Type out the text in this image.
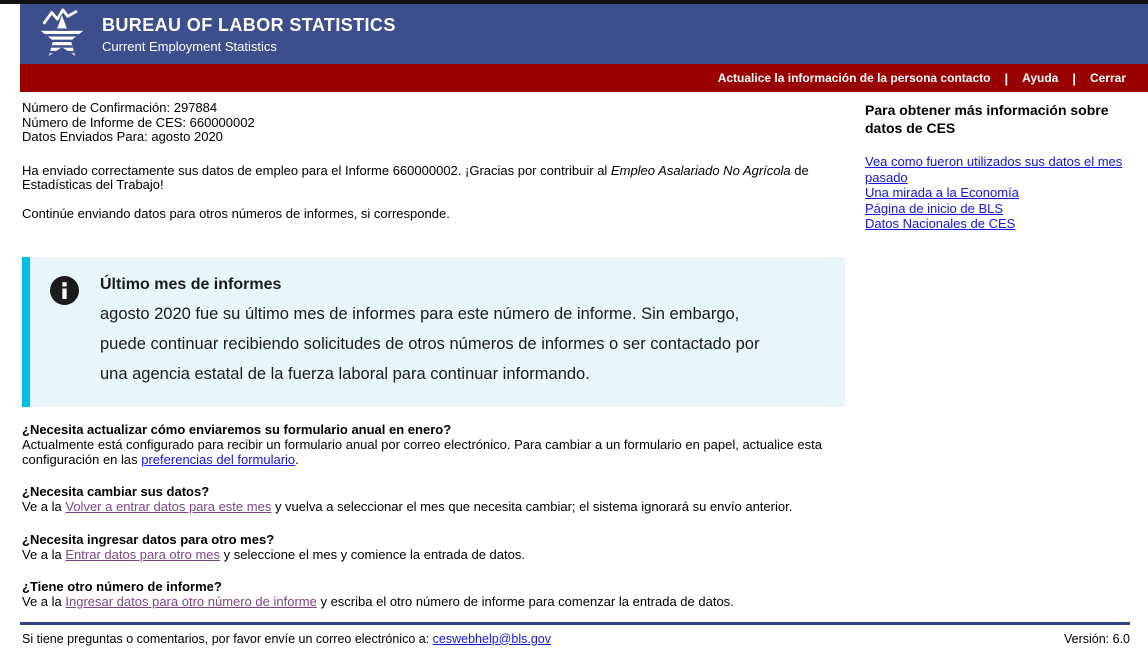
BUREAU OF LABOR STATISTICS
Current Employment Statistics
Actualice la información de la persona contacto | Ayuda | Cerrar
Número de Confirmación: 297884
Número de Informe de CES: 660000002
Datos Enviados Para: agosto 2020

Ha enviado correctamente sus datos de empleo para el Informe 660000002. ¡Gracias por contribuir al Empleo Asalariado No Agrícola de Estadísticas del Trabajo!

Continúe enviando datos para otros números de informes, si corresponde.

Último mes de informes
agosto 2020 fue su último mes de informes para este número de informe. Sin embargo, puede continuar recibiendo solicitudes de otros números de informes o ser contactado por una agencia estatal de la fuerza laboral para continuar informando.
¿Necesita actualizar cómo enviaremos su formulario anual en enero?
Actualmente está configurado para recibir un formulario anual por correo electrónico. Para cambiar a un formulario en papel, actualice esta configuración en las preferencias del formulario.
¿Necesita cambiar sus datos?
Ve a la Volver a entrar datos para este mes y vuelva a seleccionar el mes que necesita cambiar; el sistema ignorará su envío anterior.
¿Necesita ingresar datos para otro mes?
Ve a la Entrar datos para otro mes y seleccione el mes y comience la entrada de datos.
¿Tiene otro número de informe?
Ve a la Ingresar datos para otro número de informe y escriba el otro número de informe para comenzar la entrada de datos.
Para obtener más información sobre datos de CES
Vea como fueron utilizados sus datos el mes pasado
Una mirada a la Economía
Página de inicio de BLS
Datos Nacionales de CES
Si tiene preguntas o comentarios, por favor envíe un correo electrónico a: ceswebhelp@bls.gov	Versión: 6.0
